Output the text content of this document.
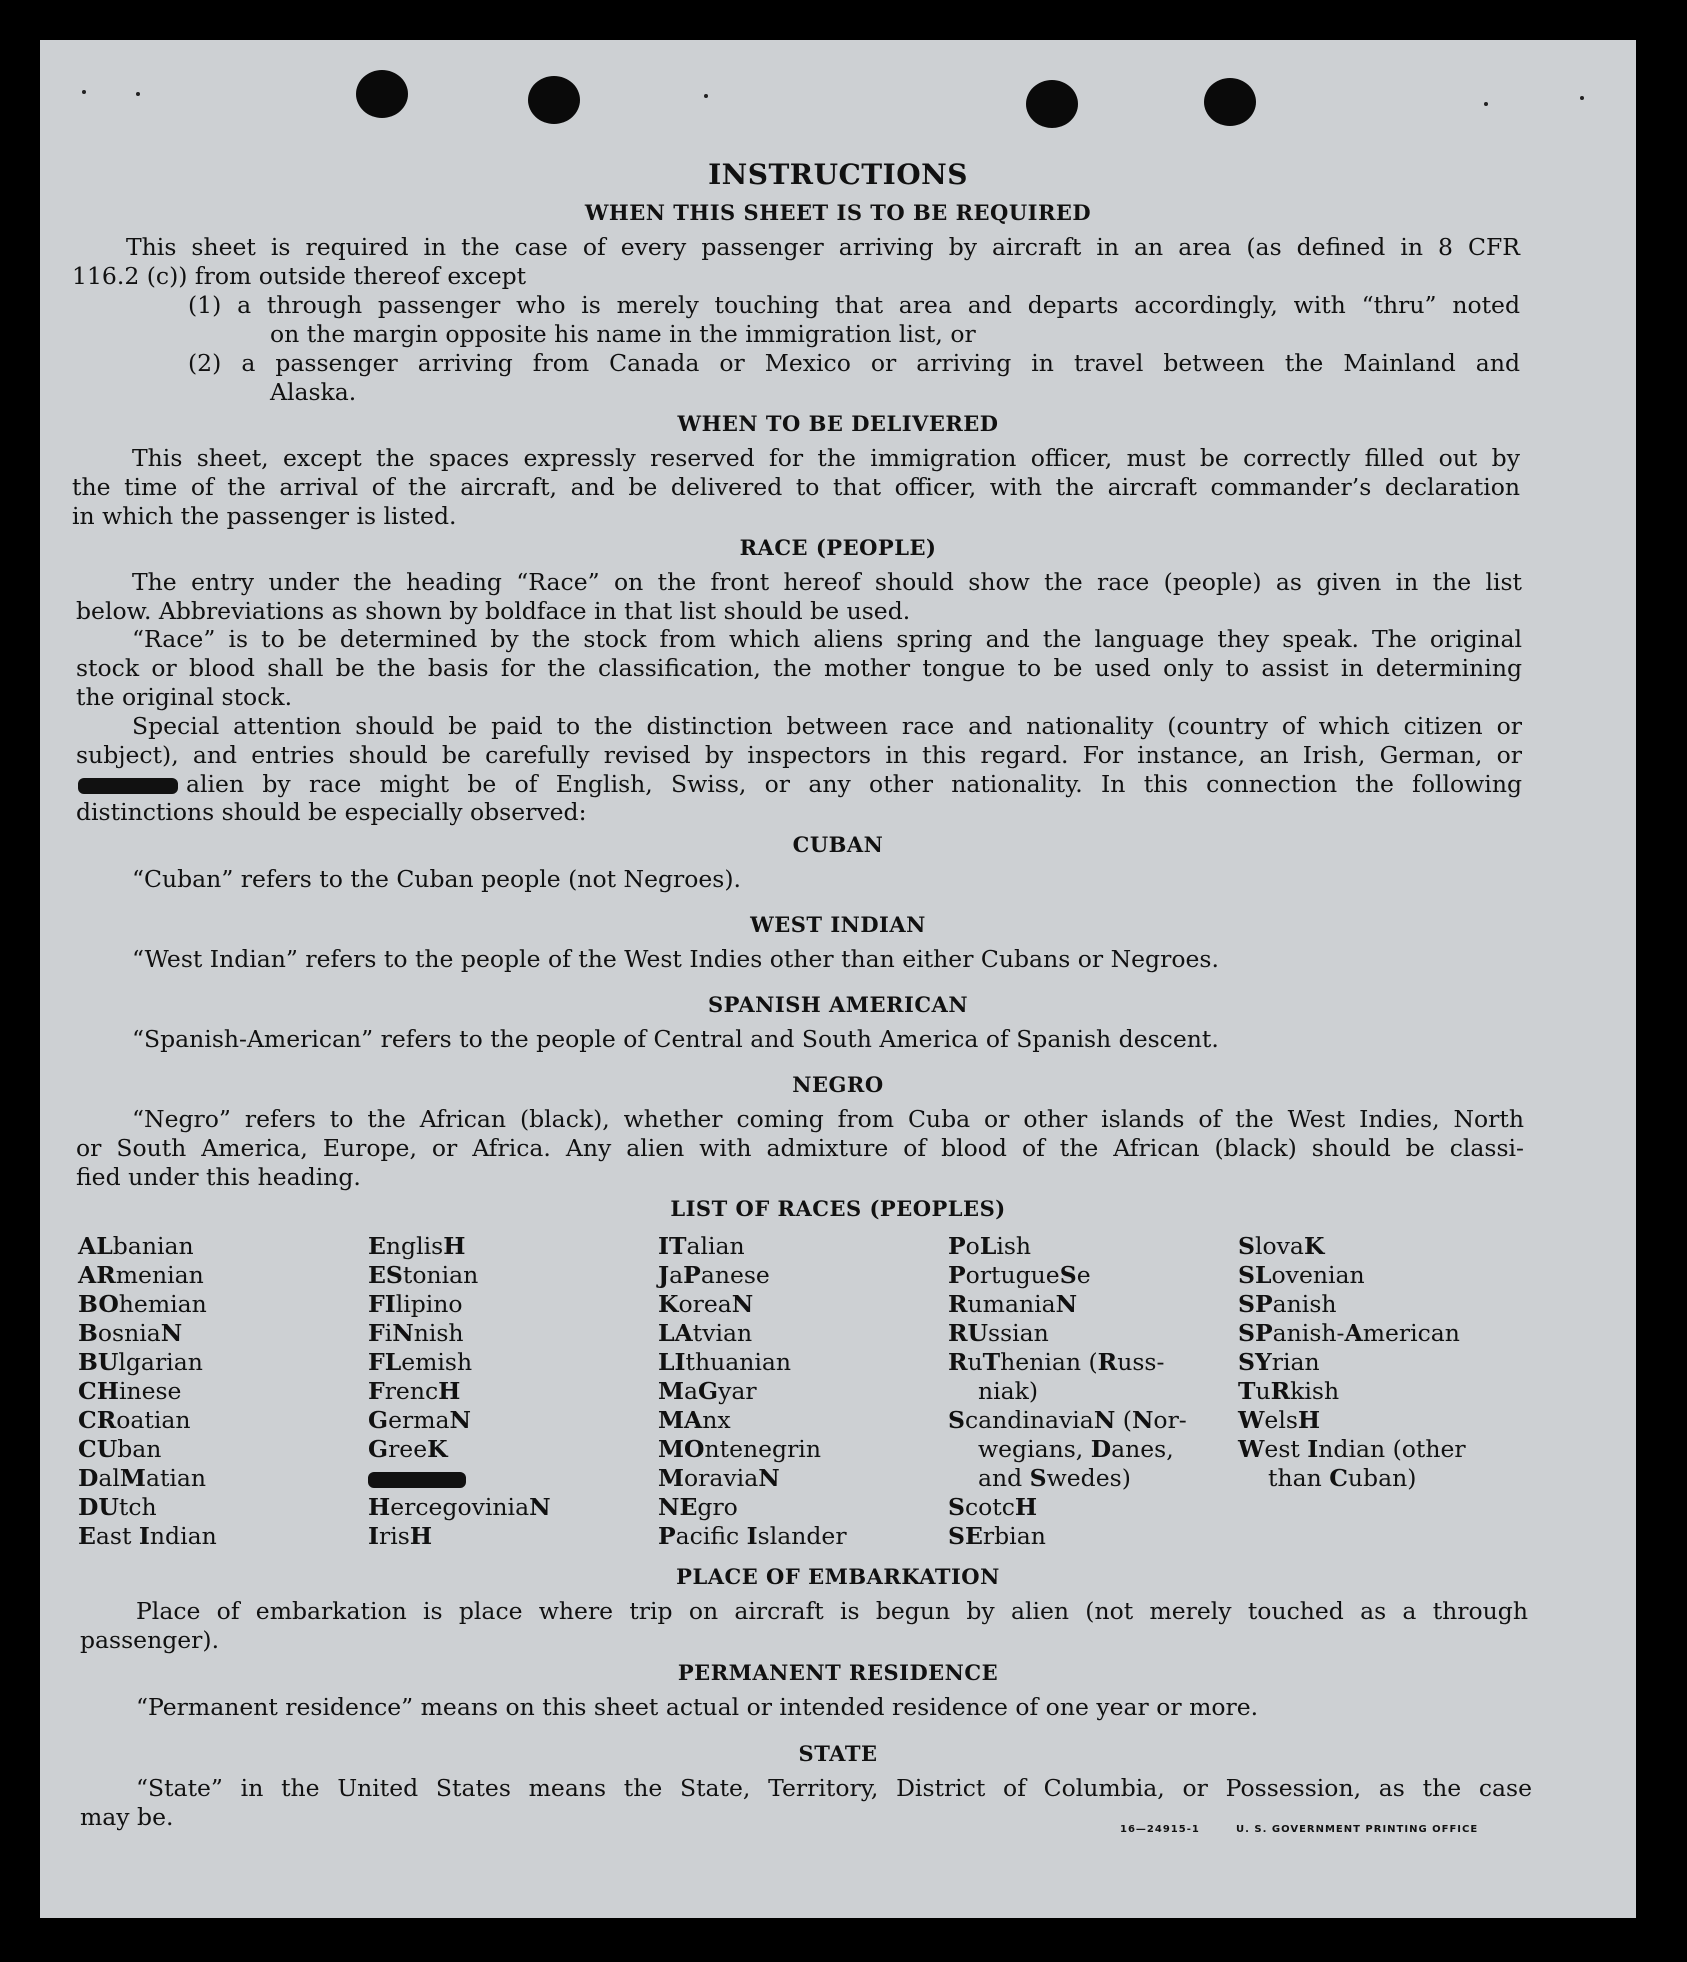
INSTRUCTIONS
WHEN THIS SHEET IS TO BE REQUIRED
This sheet is required in the case of every passenger arriving by aircraft in an area (as defined in 8 CFR
116.2 (c)) from outside thereof except
(1) a through passenger who is merely touching that area and departs accordingly, with “thru” noted
on the margin opposite his name in the immigration list, or
(2) a passenger arriving from Canada or Mexico or arriving in travel between the Mainland and
Alaska.
WHEN TO BE DELIVERED
This sheet, except the spaces expressly reserved for the immigration officer, must be correctly filled out by
the time of the arrival of the aircraft, and be delivered to that officer, with the aircraft commander’s declaration
in which the passenger is listed.
RACE (PEOPLE)
The entry under the heading “Race” on the front hereof should show the race (people) as given in the list
below. Abbreviations as shown by boldface in that list should be used.
“Race” is to be determined by the stock from which aliens spring and the language they speak. The original
stock or blood shall be the basis for the classification, the mother tongue to be used only to assist in determining
the original stock.
Special attention should be paid to the distinction between race and nationality (country of which citizen or
subject), and entries should be carefully revised by inspectors in this regard. For instance, an Irish, German, or
alien by race might be of English, Swiss, or any other nationality. In this connection the following
distinctions should be especially observed:
CUBAN
“Cuban” refers to the Cuban people (not Negroes).
WEST INDIAN
“West Indian” refers to the people of the West Indies other than either Cubans or Negroes.
SPANISH AMERICAN
“Spanish-American” refers to the people of Central and South America of Spanish descent.
NEGRO
“Negro” refers to the African (black), whether coming from Cuba or other islands of the West Indies, North
or South America, Europe, or Africa. Any alien with admixture of blood of the African (black) should be classi-
fied under this heading.
LIST OF RACES (PEOPLES)
ALbanian
ARmenian
BOhemian
BosniaN
BUlgarian
CHinese
CRoatian
CUban
DalMatian
DUtch
East Indian
EnglisH
EStonian
FIlipino
FiNnish
FLemish
FrencH
GermaN
GreeK
HercegoviniaN
IrisH
ITalian
JaPanese
KoreaN
LAtvian
LIthuanian
MaGyar
MAnx
MOntenegrin
MoraviaN
NEgro
Pacific Islander
PoLish
PortugueSe
RumaniaN
RUssian
RuThenian (Russ-
niak)
ScandinaviaN (Nor-
wegians, Danes,
and Swedes)
ScotcH
SErbian
SlovaK
SLovenian
SPanish
SPanish-American
SYrian
TuRkish
WelsH
West Indian (other
than Cuban)
PLACE OF EMBARKATION
Place of embarkation is place where trip on aircraft is begun by alien (not merely touched as a through
passenger).
PERMANENT RESIDENCE
“Permanent residence” means on this sheet actual or intended residence of one year or more.
STATE
“State” in the United States means the State, Territory, District of Columbia, or Possession, as the case
may be.	16—24915-1	U. S. GOVERNMENT PRINTING OFFICE
